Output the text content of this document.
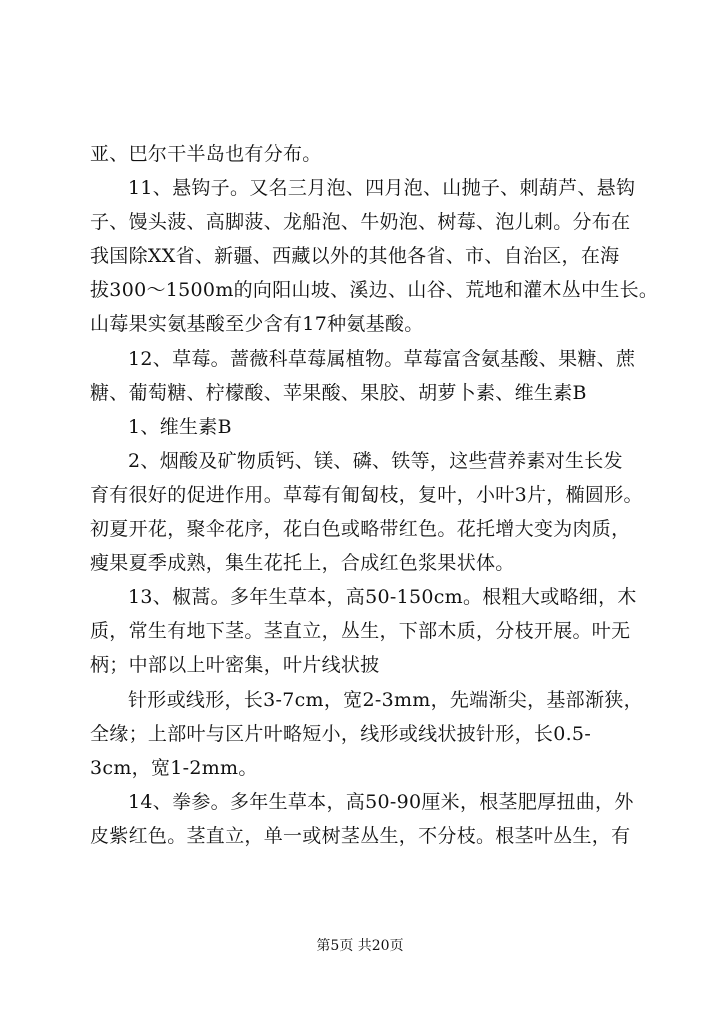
亚、巴尔干半岛也有分布。
11、悬钩子。又名三月泡、四月泡、山抛子、刺葫芦、悬钩
子、馒头菠、高脚菠、龙船泡、牛奶泡、树莓、泡儿刺。分布在
我国除XX省、新疆、西藏以外的其他各省、市、自治区，在海
拔300～1500m的向阳山坡、溪边、山谷、荒地和灌木丛中生长。
山莓果实氨基酸至少含有17种氨基酸。
12、草莓。蔷薇科草莓属植物。草莓富含氨基酸、果糖、蔗
糖、葡萄糖、柠檬酸、苹果酸、果胶、胡萝卜素、维生素B
1、维生素B
2、烟酸及矿物质钙、镁、磷、铁等，这些营养素对生长发
育有很好的促进作用。草莓有匍匐枝，复叶，小叶3片，椭圆形。
初夏开花，聚伞花序，花白色或略带红色。花托增大变为肉质，
瘦果夏季成熟，集生花托上，合成红色浆果状体。
13、椒蒿。多年生草本，高50-150cm。根粗大或略细，木
质，常生有地下茎。茎直立，丛生，下部木质，分枝开展。叶无
柄；中部以上叶密集，叶片线状披
针形或线形，长3-7cm，宽2-3mm，先端渐尖，基部渐狭，
全缘；上部叶与区片叶略短小，线形或线状披针形，长0.5-
3cm，宽1-2mm。
14、拳参。多年生草本，高50-90厘米，根茎肥厚扭曲，外
皮紫红色。茎直立，单一或树茎丛生，不分枝。根茎叶丛生，有
第5页 共20页
